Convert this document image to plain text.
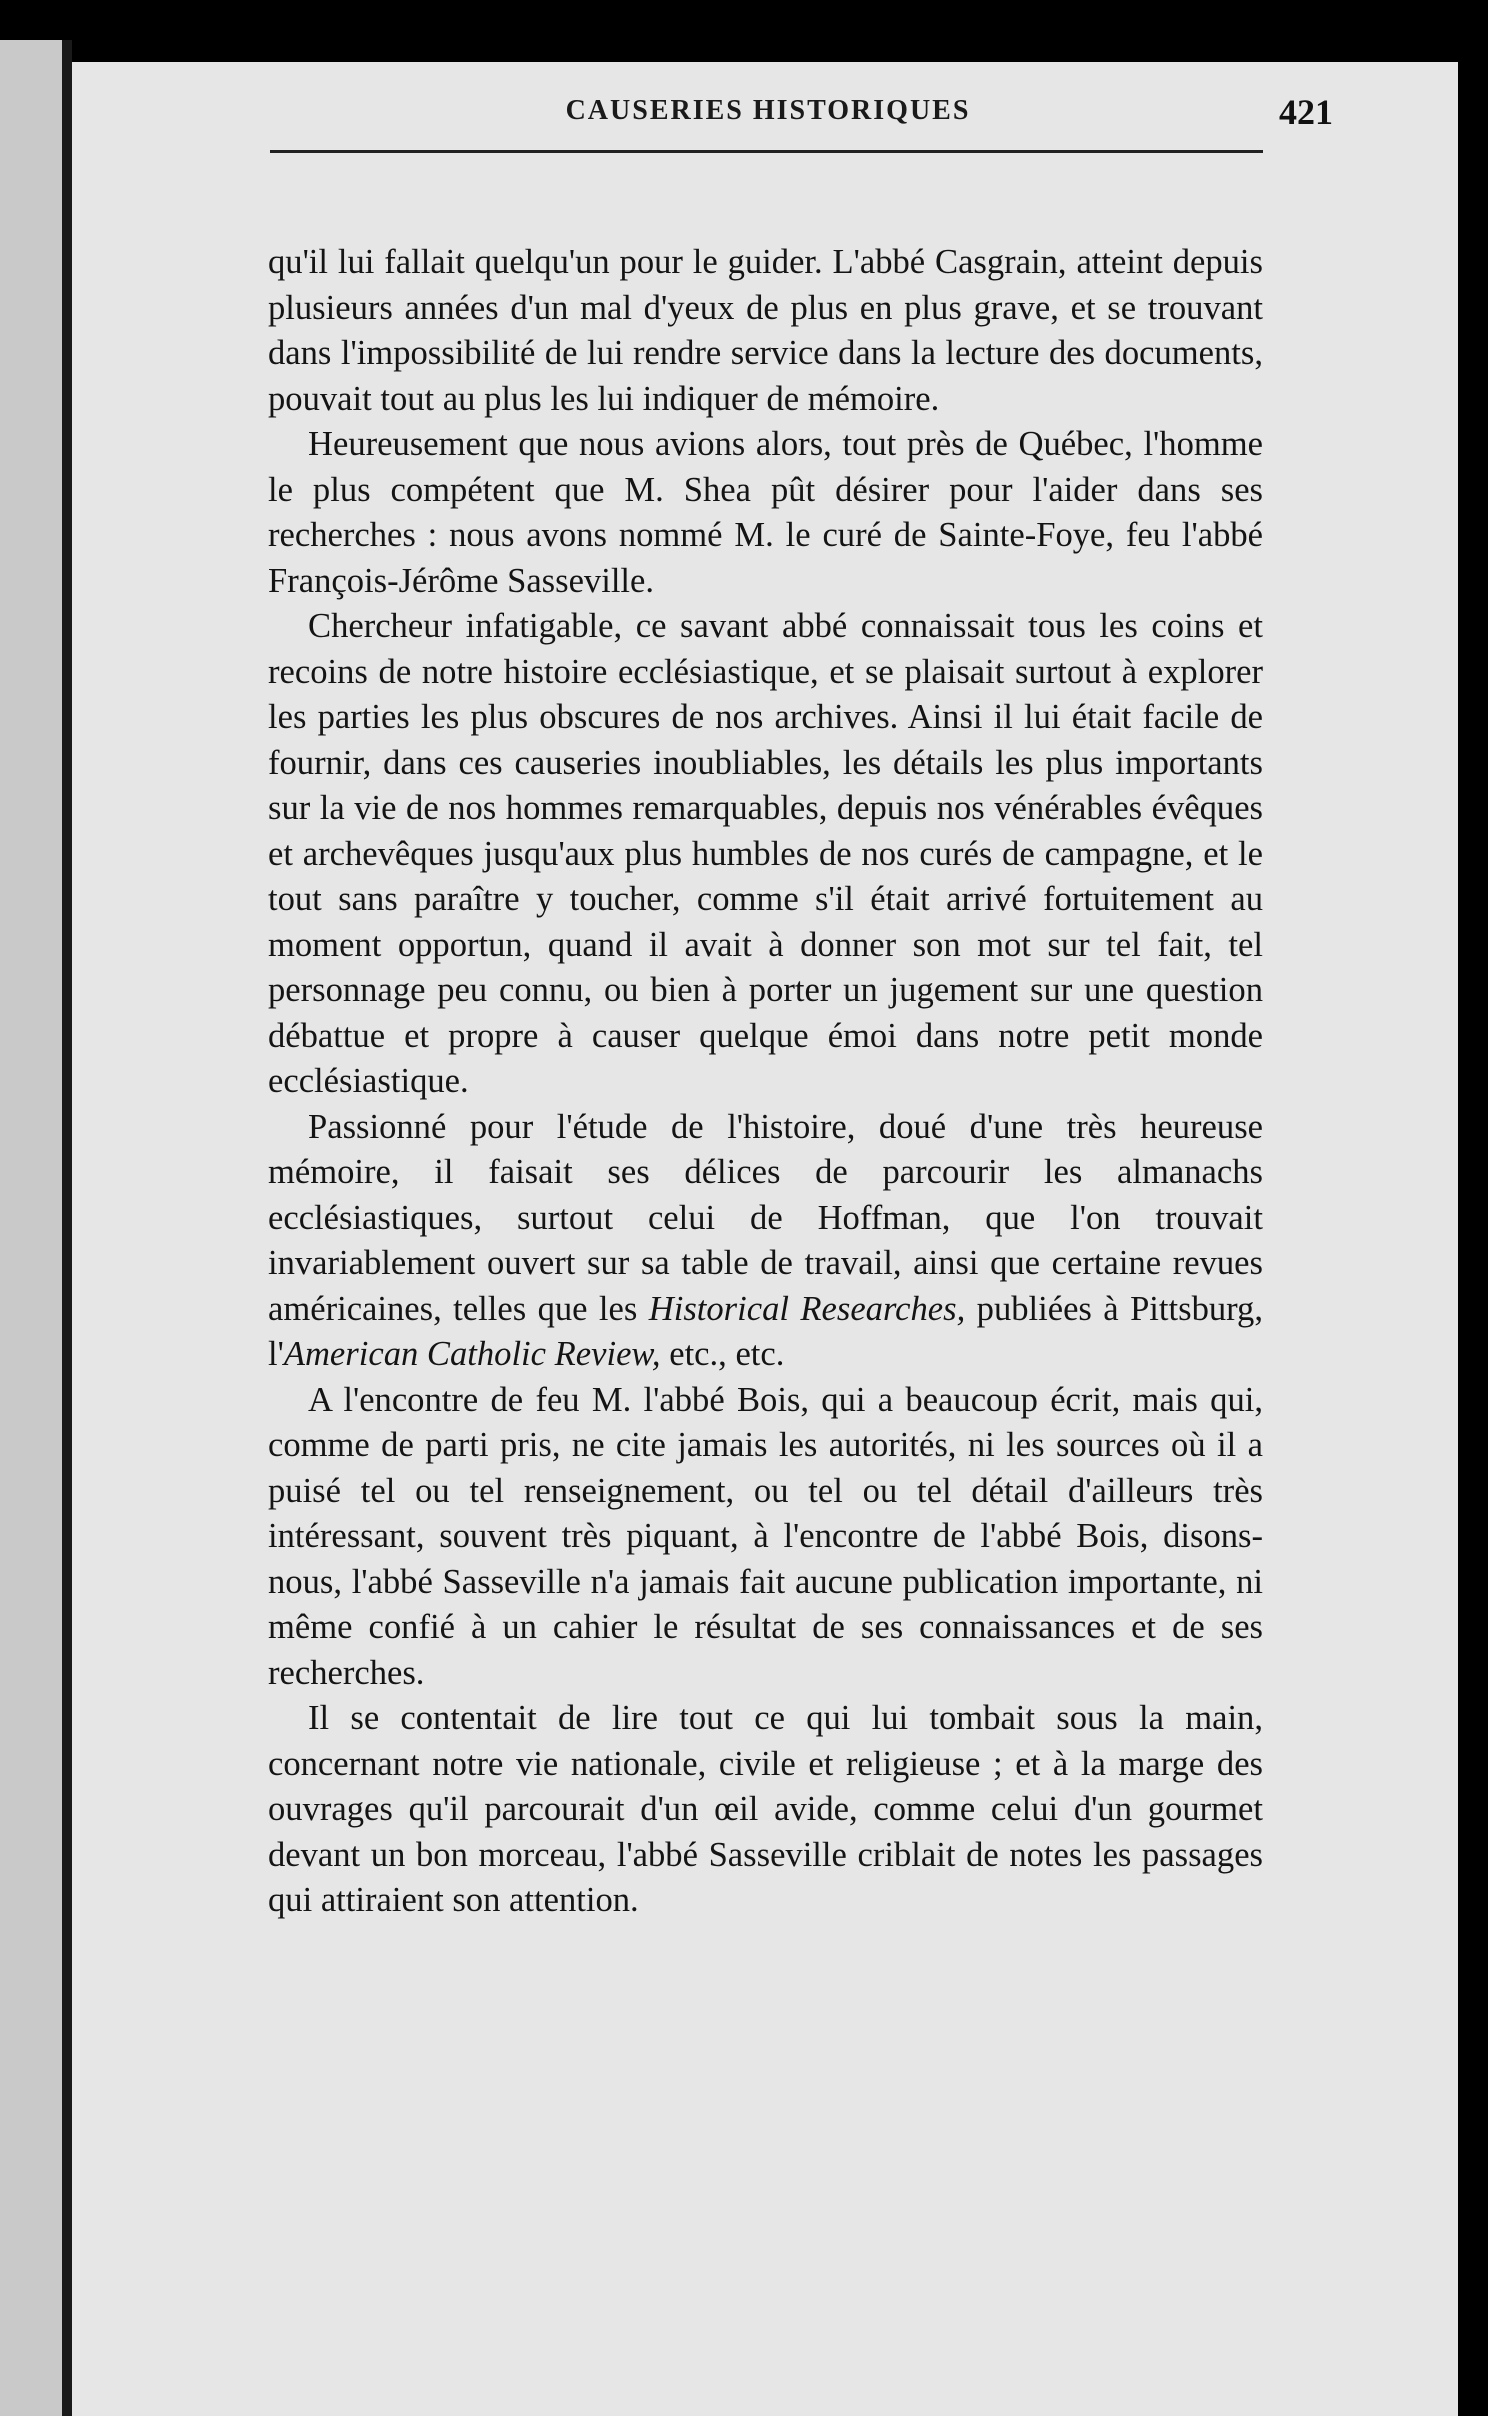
CAUSERIES HISTORIQUES	421

qu'il lui fallait quelqu'un pour le guider. L'abbé Casgrain, atteint depuis plusieurs années d'un mal d'yeux de plus en plus grave, et se trouvant dans l'impossibilité de lui rendre service dans la lecture des documents, pouvait tout au plus les lui indiquer de mémoire.

Heureusement que nous avions alors, tout près de Québec, l'homme le plus compétent que M. Shea pût désirer pour l'aider dans ses recherches : nous avons nommé M. le curé de Sainte-Foye, feu l'abbé François-Jérôme Sasseville.

Chercheur infatigable, ce savant abbé connaissait tous les coins et recoins de notre histoire ecclésiastique, et se plaisait surtout à explorer les parties les plus obscures de nos archives. Ainsi il lui était facile de fournir, dans ces causeries inoubliables, les détails les plus importants sur la vie de nos hommes remarquables, depuis nos vénérables évêques et archevêques jusqu'aux plus humbles de nos curés de campagne, et le tout sans paraître y toucher, comme s'il était arrivé fortuitement au moment opportun, quand il avait à donner son mot sur tel fait, tel personnage peu connu, ou bien à porter un jugement sur une question débattue et propre à causer quelque émoi dans notre petit monde ecclésiastique.

Passionné pour l'étude de l'histoire, doué d'une très heureuse mémoire, il faisait ses délices de parcourir les almanachs ecclésiastiques, surtout celui de Hoffman, que l'on trouvait invariablement ouvert sur sa table de travail, ainsi que certaine revues américaines, telles que les Historical Researches, publiées à Pittsburg, l'American Catholic Review, etc., etc.

A l'encontre de feu M. l'abbé Bois, qui a beaucoup écrit, mais qui, comme de parti pris, ne cite jamais les autorités, ni les sources où il a puisé tel ou tel renseignement, ou tel ou tel détail d'ailleurs très intéressant, souvent très piquant, à l'encontre de l'abbé Bois, disons-nous, l'abbé Sasseville n'a jamais fait aucune publication importante, ni même confié à un cahier le résultat de ses connaissances et de ses recherches.

Il se contentait de lire tout ce qui lui tombait sous la main, concernant notre vie nationale, civile et religieuse ; et à la marge des ouvrages qu'il parcourait d'un œil avide, comme celui d'un gourmet devant un bon morceau, l'abbé Sasseville criblait de notes les passages qui attiraient son attention.
